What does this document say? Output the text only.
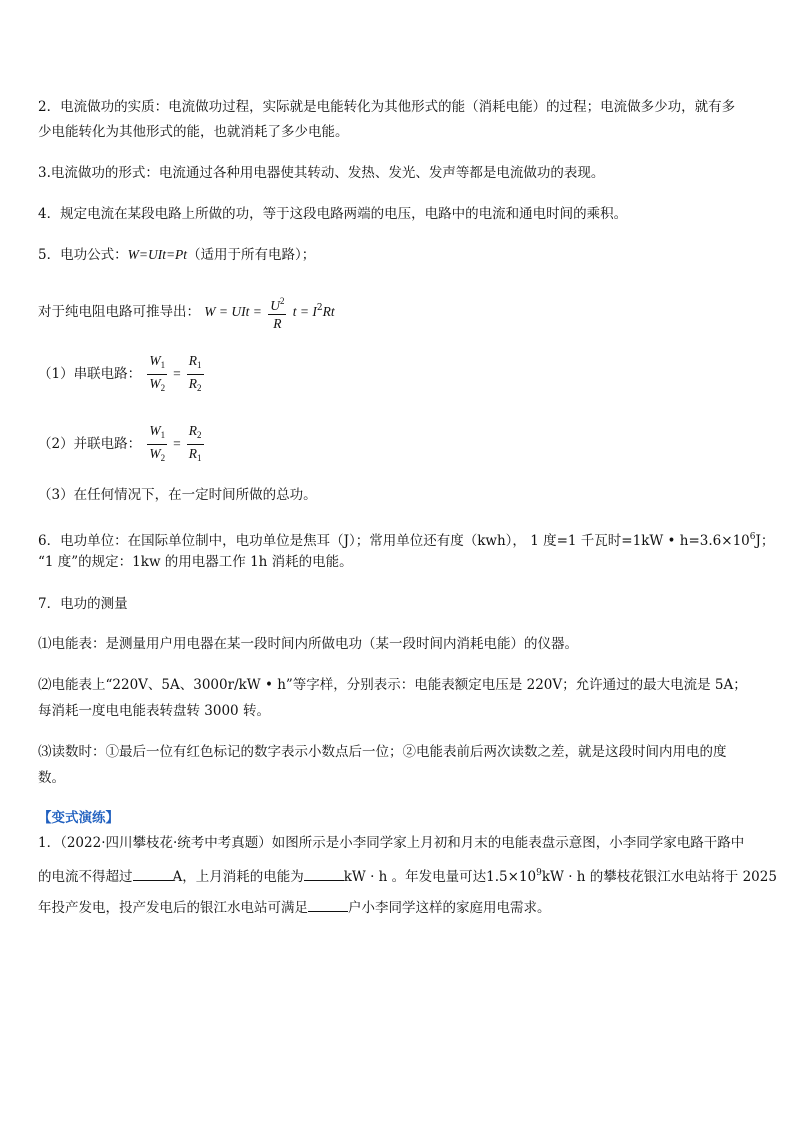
2．电流做功的实质：电流做功过程，实际就是电能转化为其他形式的能（消耗电能）的过程；电流做多少功，就有多
少电能转化为其他形式的能，也就消耗了多少电能。
3.电流做功的形式：电流通过各种用电器使其转动、发热、发光、发声等都是电流做功的表现。
4．规定电流在某段电路上所做的功，等于这段电路两端的电压，电路中的电流和通电时间的乘积。
5．电功公式：W=UIt=Pt（适用于所有电路）；
对于纯电阻电路可推导出： W = UIt = $\frac{U^2}{R}$ $t = I^2Rt$
（1）串联电路： $\frac{W_1}{W_2} = \frac{R_1}{R_2}$
（2）并联电路： $\frac{W_1}{W_2} = \frac{R_2}{R_1}$
（3）在任何情况下，在一定时间所做的总功。
6．电功单位：在国际单位制中，电功单位是焦耳（J）；常用单位还有度（kwh）， 1 度=1 千瓦时=1kW • $h=3.6\times 10^6J$；
“1 度”的规定：1kw 的用电器工作 1h 消耗的电能。
7．电功的测量
⑴电能表：是测量用户用电器在某一段时间内所做电功（某一段时间内消耗电能）的仪器。
⑵电能表上“220V、5A、3000r/kW • h”等字样，分别表示：电能表额定电压是 220V；允许通过的最大电流是 5A；
每消耗一度电电能表转盘转 3000 转。
⑶读数时：①最后一位有红色标记的数字表示小数点后一位；②电能表前后两次读数之差，就是这段时间内用电的度
数。
【变式演练】
1．（2022·四川攀枝花·统考中考真题）如图所示是小李同学家上月初和月末的电能表盘示意图，小李同学家电路干路中
的电流不得超过	A，上月消耗的电能为	kW · h 。年发电量可达$1.5\times 10^9kW \cdot h$ 的攀枝花银江水电站将于 2025
年投产发电，投产发电后的银江水电站可满足	户小李同学这样的家庭用电需求。
